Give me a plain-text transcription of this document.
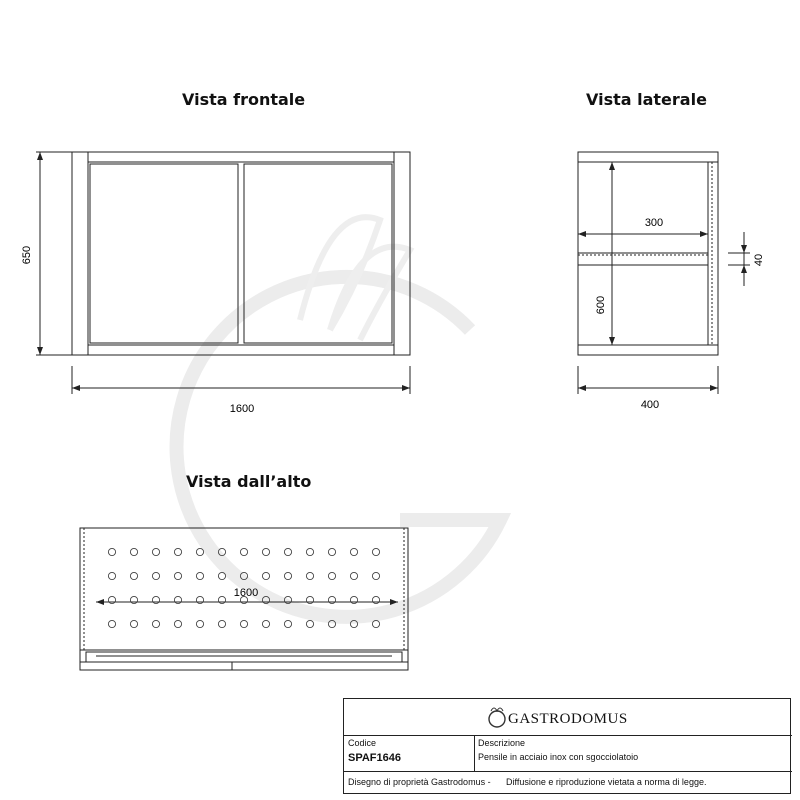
Vista frontale	Vista laterale
Vista dall’alto
650
1600
300
600
40
400
1600
GASTRODOMUS
Codice
SPAF1646
Descrizione
Pensile in acciaio inox con sgocciolatoio
Disegno di proprietà Gastrodomus - Diffusione e riproduzione vietata a norma di legge.
